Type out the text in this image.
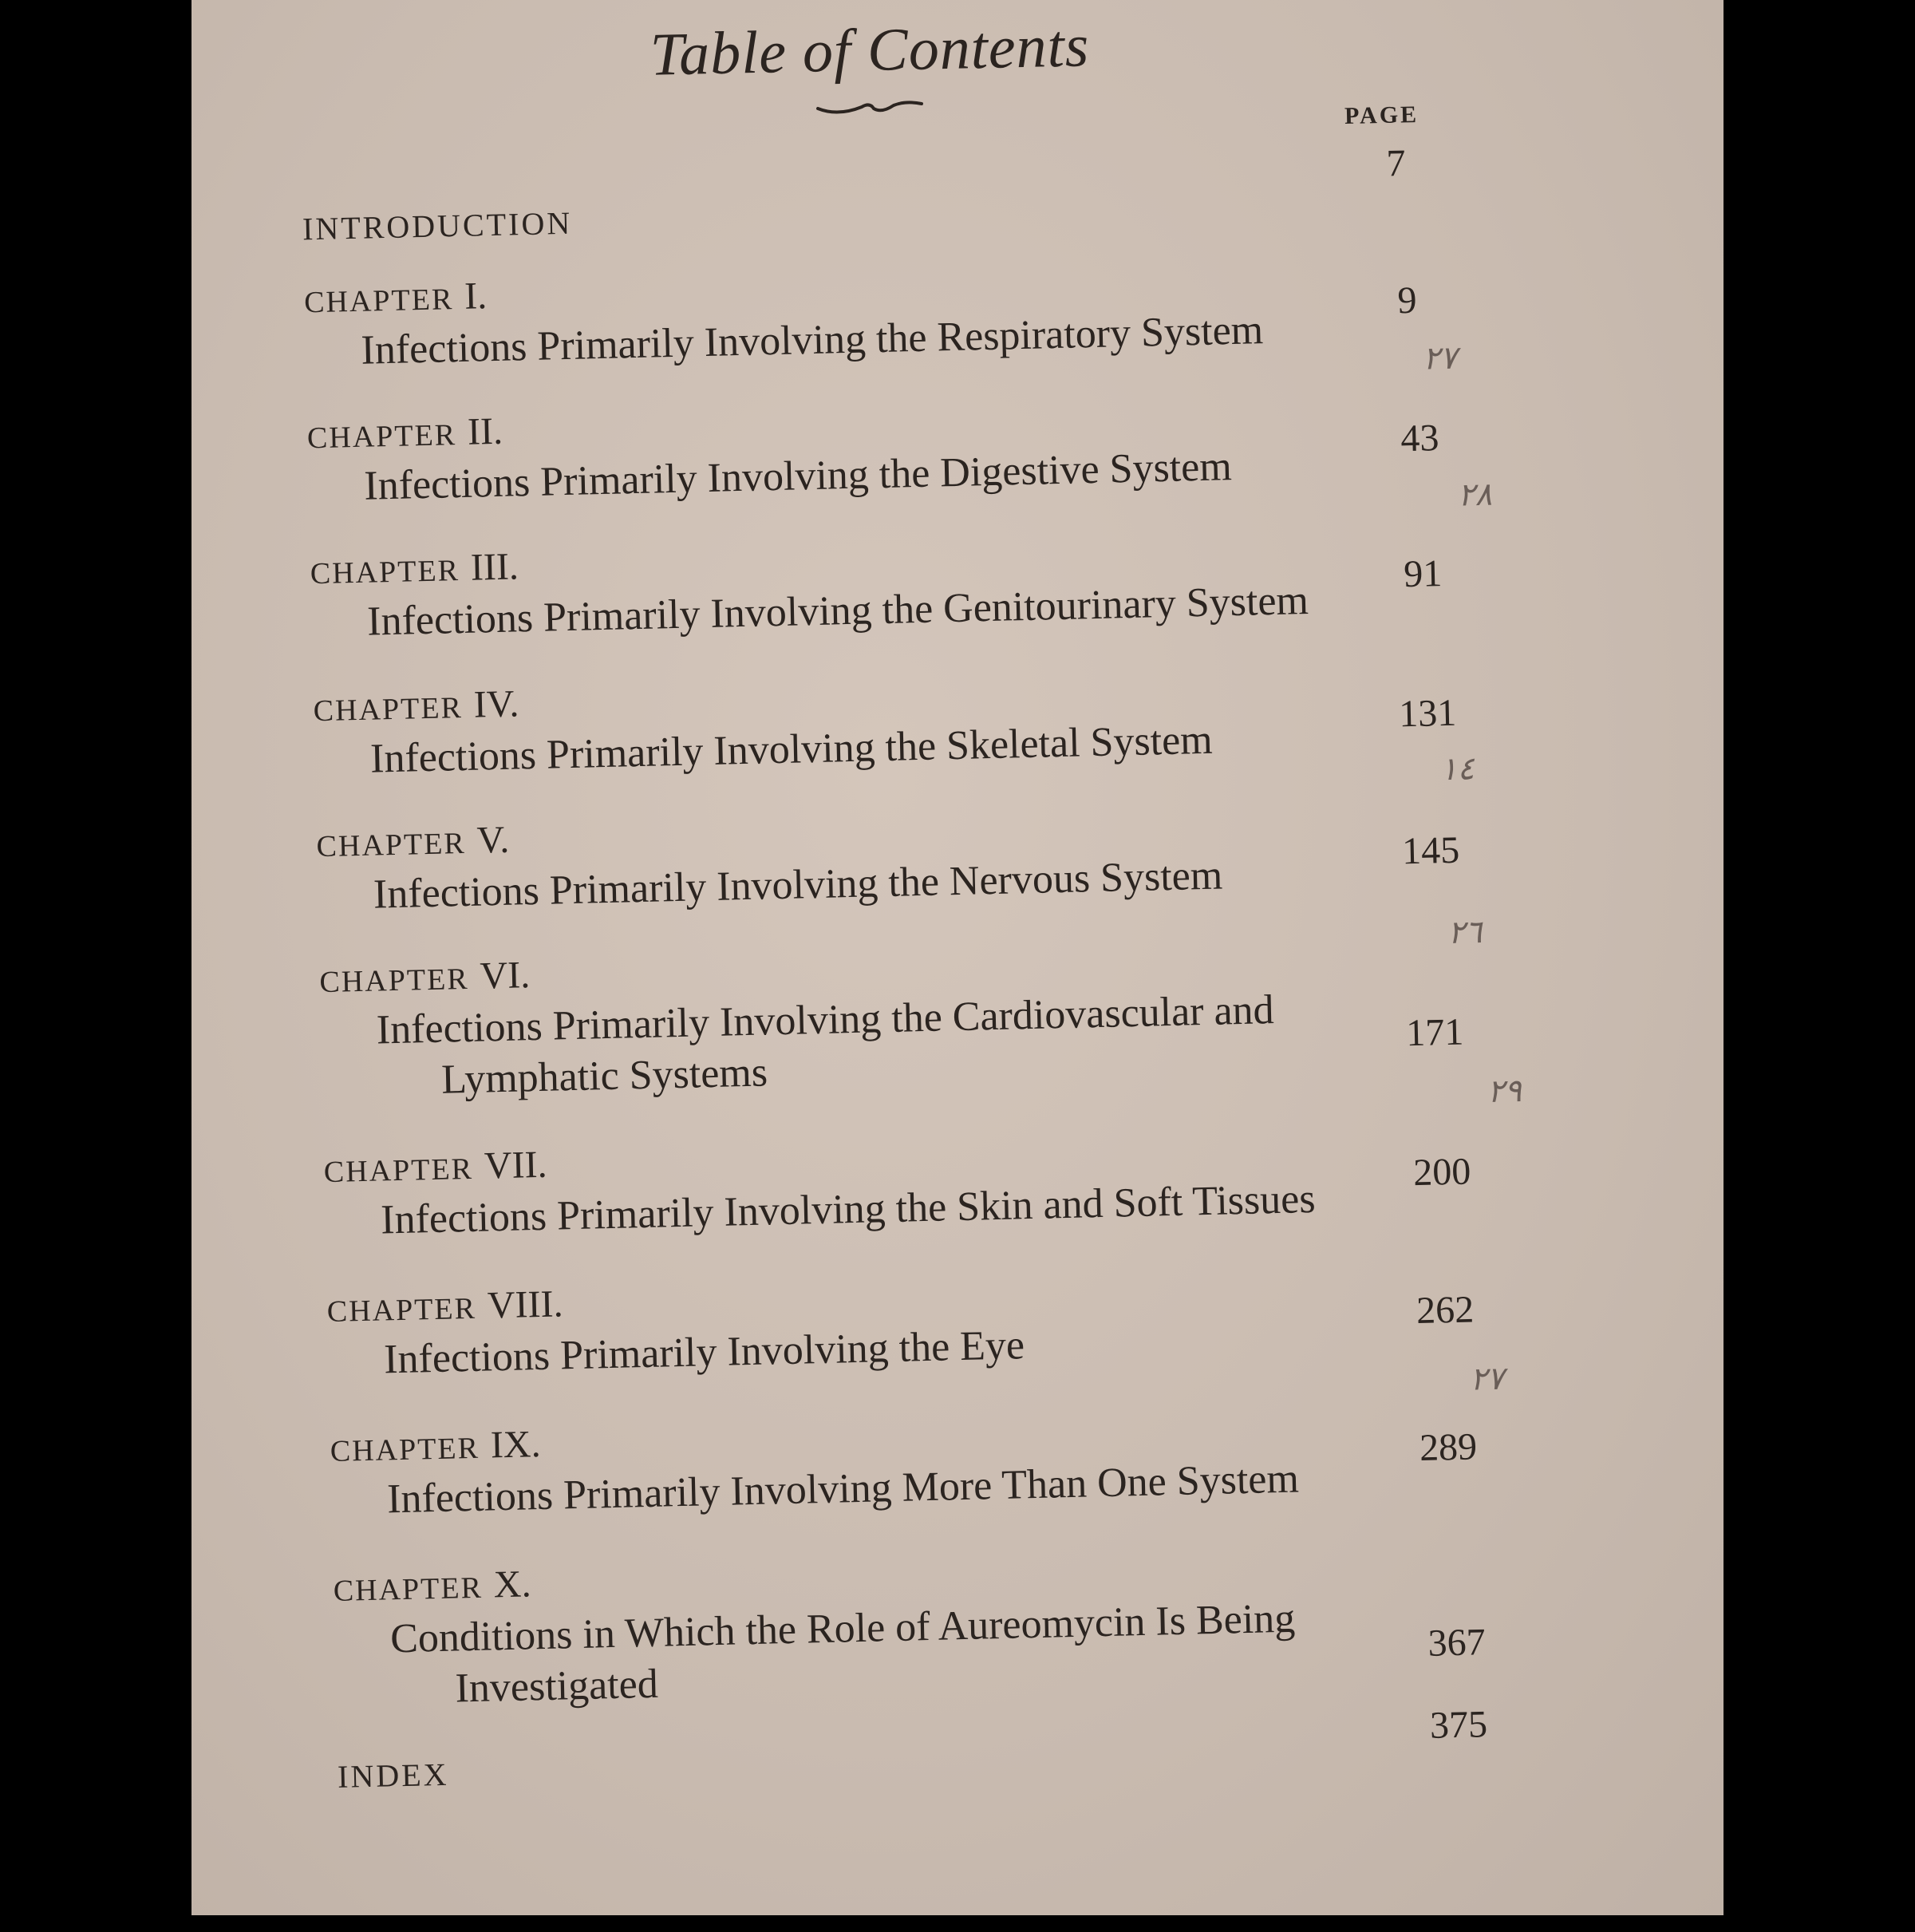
Table of Contents
PAGE
INTRODUCTION
7
CHAPTER I.
Infections Primarily Involving the Respiratory System
9
٢٧
CHAPTER II.
Infections Primarily Involving the Digestive System
43
٢٨
CHAPTER III.
Infections Primarily Involving the Genitourinary System
91
CHAPTER IV.
Infections Primarily Involving the Skeletal System
131
١٤
CHAPTER V.
Infections Primarily Involving the Nervous System
145
٢٦
CHAPTER VI.
Infections Primarily Involving the Cardiovascular and
Lymphatic Systems
171
٢٩
CHAPTER VII.
Infections Primarily Involving the Skin and Soft Tissues
200
CHAPTER VIII.
Infections Primarily Involving the Eye
262
٢٧
CHAPTER IX.
Infections Primarily Involving More Than One System
289
CHAPTER X.
Conditions in Which the Role of Aureomycin Is Being
Investigated
367
INDEX
375
